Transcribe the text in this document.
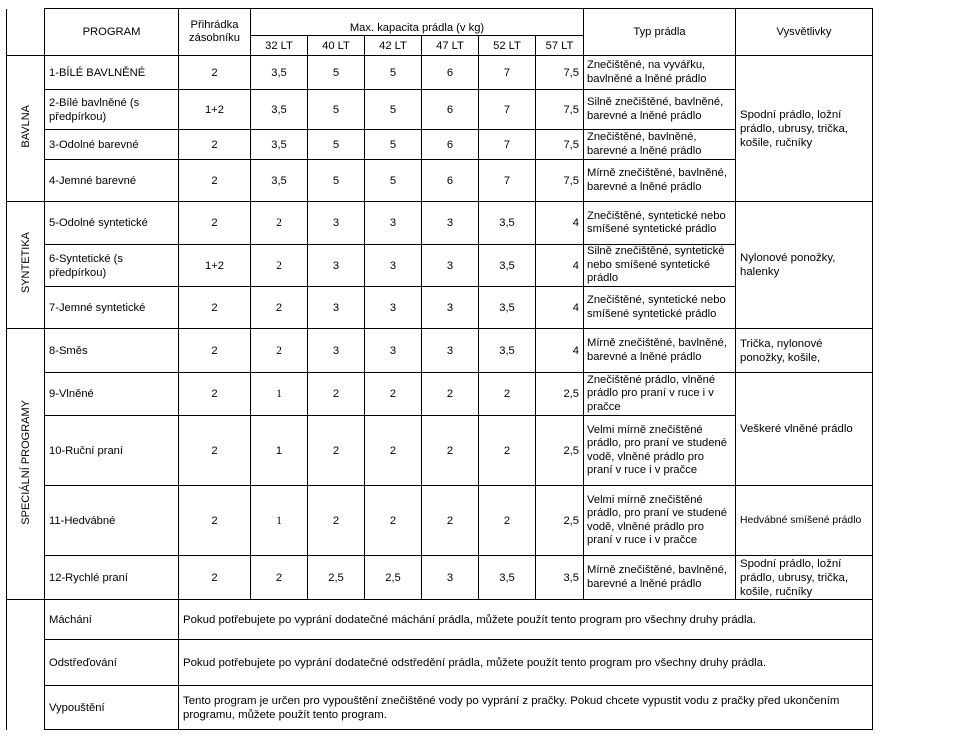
	PROGRAM	Přihrádka zásobníku	Max. kapacita prádla (v kg)						Typ prádla	Vysvětlivky
			32 LT	40 LT	42 LT	47 LT	52 LT	57 LT		
BAVLNA	1-BÍLÉ BAVLNĚNÉ	2	3,5	5	5	6	7	7,5	Znečištěné, na vyvářku, bavlněné a lněné prádlo	Spodní prádlo, ložní prádlo, ubrusy, trička, košile, ručníky
	2-Bílé bavlněné (s předpírkou)	1+2	3,5	5	5	6	7	7,5	Silně znečištěné, bavlněné, barevné a lněné prádlo	
	3-Odolné barevné	2	3,5	5	5	6	7	7,5	Znečištěné, bavlněné, barevné a lněné prádlo	
	4-Jemné barevné	2	3,5	5	5	6	7	7,5	Mírně znečištěné, bavlněné, barevné a lněné prádlo	
SYNTETIKA	5-Odolné syntetické	2	2	3	3	3	3,5	4	Znečištěné, syntetické nebo smíšené syntetické prádlo	Nylonové ponožky, halenky
	6-Syntetické (s předpírkou)	1+2	2	3	3	3	3,5	4	Silně znečištěné, syntetické nebo smíšené syntetické prádlo	
	7-Jemné syntetické	2	2	3	3	3	3,5	4	Znečištěné, syntetické nebo smíšené syntetické prádlo	
SPECIÁLNÍ PROGRAMY	8-Směs	2	2	3	3	3	3,5	4	Mírně znečištěné, bavlněné, barevné a lněné prádlo	Trička, nylonové ponožky, košile,
	9-Vlněné	2	1	2	2	2	2	2,5	Znečištěné prádlo, vlněné prádlo pro praní v ruce i v pračce	Veškeré vlněné prádlo
	10-Ruční praní	2	1	2	2	2	2	2,5	Velmi mírně znečištěné prádlo, pro praní ve studené vodě, vlněné prádlo pro praní v ruce i v pračce	
	11-Hedvábné	2	1	2	2	2	2	2,5	Velmi mírně znečištěné prádlo, pro praní ve studené vodě, vlněné prádlo pro praní v ruce i v pračce	Hedvábné smíšené prádlo
	12-Rychlé praní	2	2	2,5	2,5	3	3,5	3,5	Mírně znečištěné, bavlněné, barevné a lněné prádlo	Spodní prádlo, ložní prádlo, ubrusy, trička, košile, ručníky
	Máchání	Pokud potřebujete po vyprání dodatečné máchání prádla, můžete použít tento program pro všechny druhy prádla.								
	Odstřeďování	Pokud potřebujete po vyprání dodatečné odstředění prádla, můžete použít tento program pro všechny druhy prádla.								
	Vypouštění	Tento program je určen pro vypouštění znečištěné vody po vyprání z pračky. Pokud chcete vypustit vodu z pračky před ukončením programu, můžete použít tento program.								
